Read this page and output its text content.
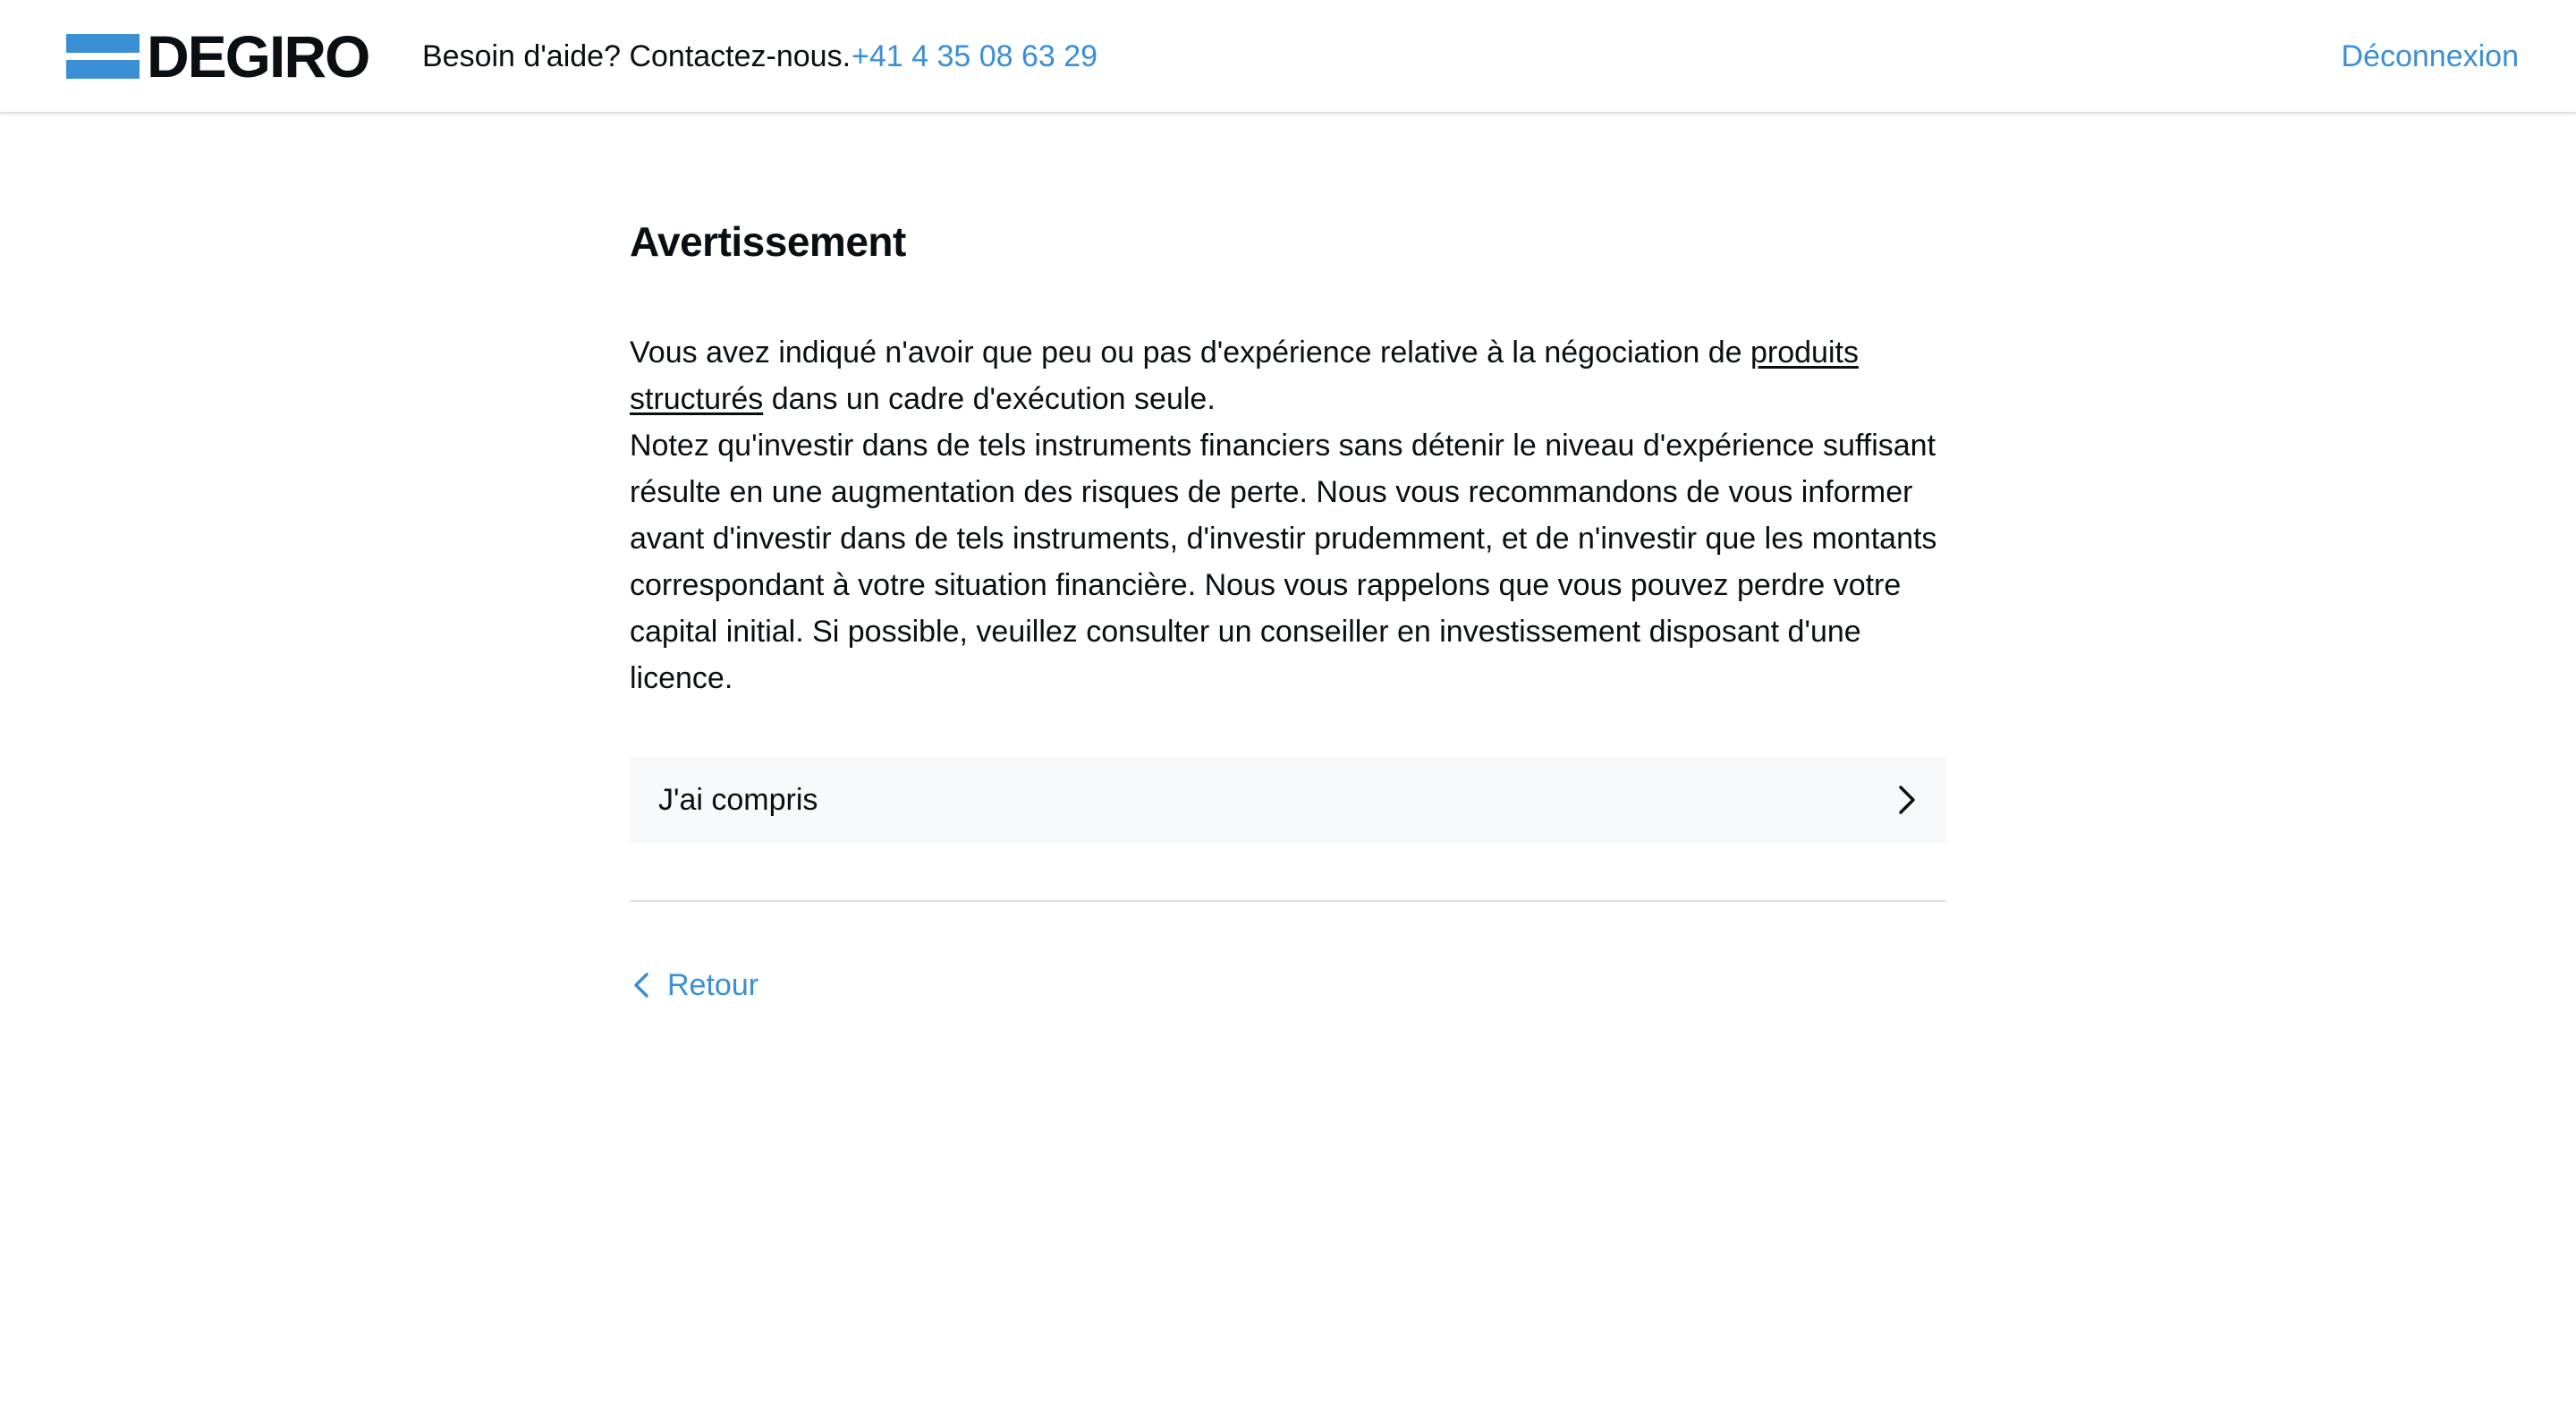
DEGIRO Besoin d'aide? Contactez-nous. +41 4 35 08 63 29	Déconnexion
Avertissement

Vous avez indiqué n'avoir que peu ou pas d'expérience relative à la négociation de produits structurés dans un cadre d'exécution seule.

Notez qu'investir dans de tels instruments financiers sans détenir le niveau d'expérience suffisant résulte en une augmentation des risques de perte. Nous vous recommandons de vous informer avant d'investir dans de tels instruments, d'investir prudemment, et de n'investir que les montants correspondant à votre situation financière. Nous vous rappelons que vous pouvez perdre votre capital initial. Si possible, veuillez consulter un conseiller en investissement disposant d'une licence.

J'ai compris
Retour
